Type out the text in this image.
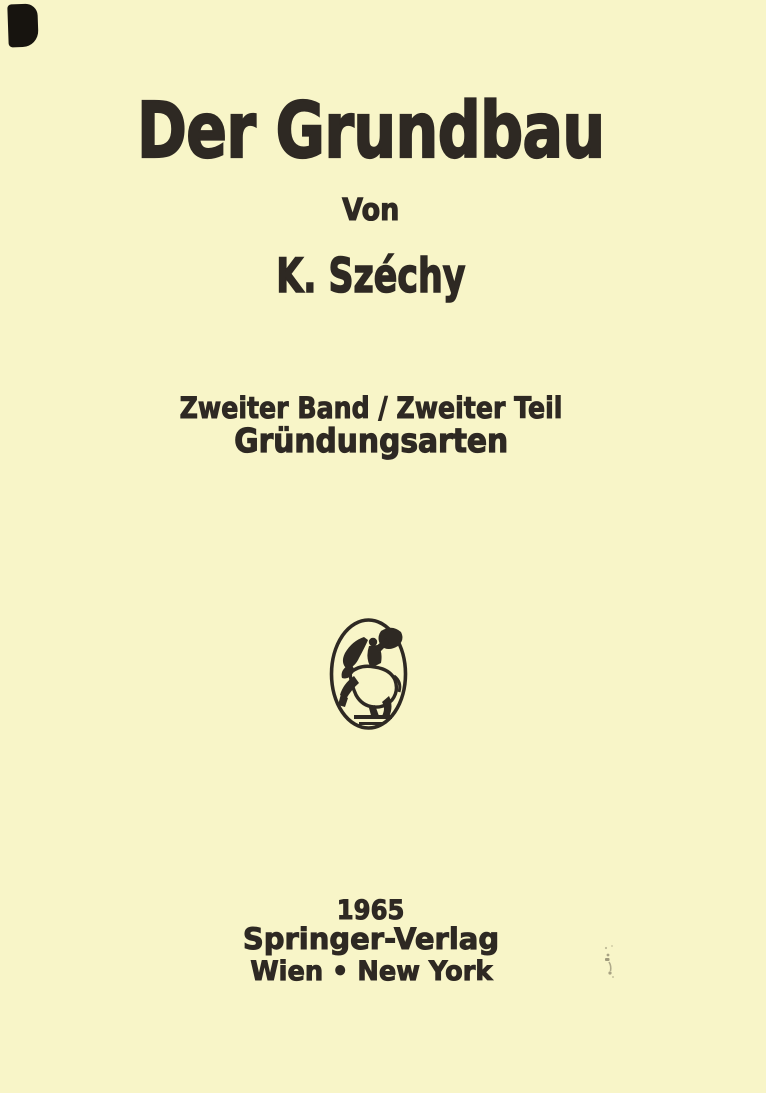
Der Grundbau
Von
K. Széchy
Zweiter Band / Zweiter Teil
Gründungsarten
1965
Springer-Verlag
Wien • New York
